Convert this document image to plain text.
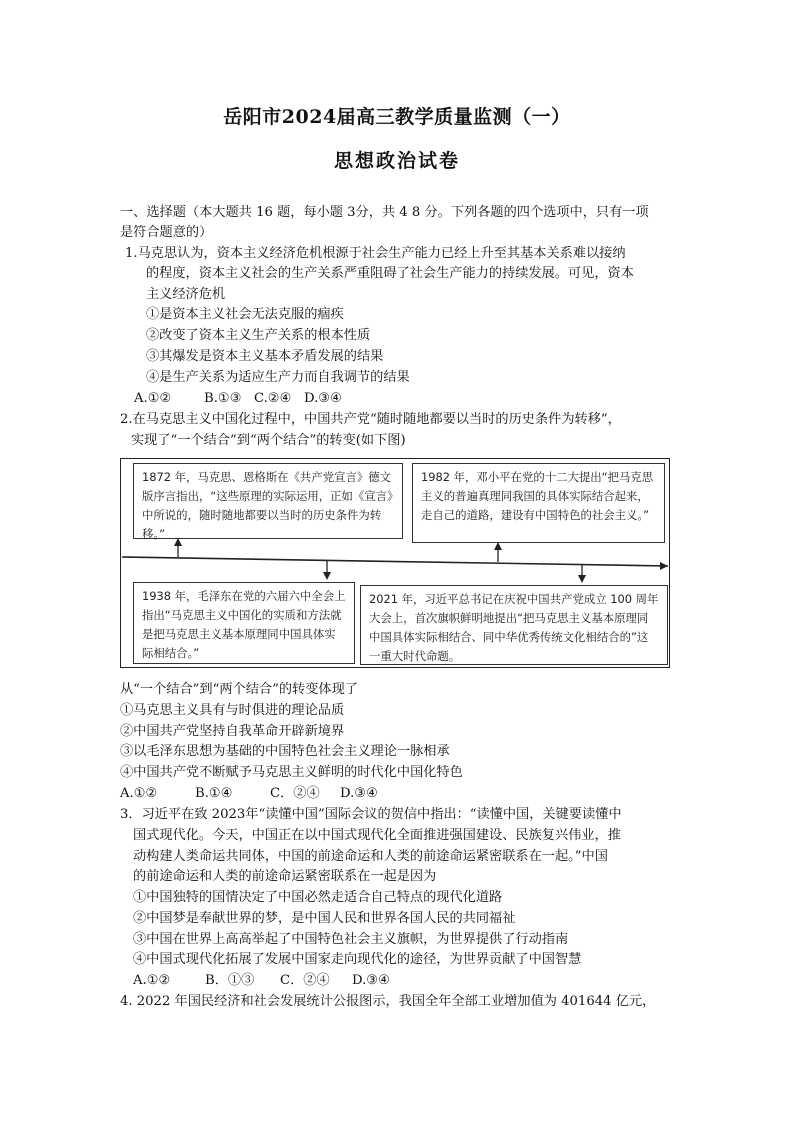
岳阳市2024届高三教学质量监测（一）
思想政治试卷
一、选择题（本大题共 16 题，每小题 3分，共 4 8 分。下列各题的四个选项中，只有一项
是符合题意的）
1.马克思认为，资本主义经济危机根源于社会生产能力已经上升至其基本关系难以接纳
的程度，资本主义社会的生产关系严重阻碍了社会生产能力的持续发展。可见，资本
主义经济危机
①是资本主义社会无法克服的痼疾
②改变了资本主义生产关系的根本性质
③其爆发是资本主义基本矛盾发展的结果
④是生产关系为适应生产力而自我调节的结果
A.①② B.①③ C.②④ D.③④
2.在马克思主义中国化过程中，中国共产党“随时随地都要以当时的历史条件为转移”，
实现了“一个结合”到“两个结合”的转变(如下图)
1872 年，马克思、恩格斯在《共产党宣言》德文版序言指出，“这些原理的实际运用，正如《宣言》中所说的，随时随地都要以当时的历史条件为转移。”
1982 年，邓小平在党的十二大提出“把马克思主义的普遍真理同我国的具体实际结合起来，走自己的道路，建设有中国特色的社会主义。”
1938 年，毛泽东在党的六届六中全会上指出“马克思主义中国化的实质和方法就是把马克思主义基本原理同中国具体实际相结合。”
2021 年，习近平总书记在庆祝中国共产党成立 100 周年大会上，首次旗帜鲜明地提出“把马克思主义基本原理同中国具体实际相结合、同中华优秀传统文化相结合的”这一重大时代命题。
从“一个结合”到“两个结合”的转变体现了
①马克思主义具有与时俱进的理论品质
②中国共产党坚持自我革命开辟新境界
③以毛泽东思想为基础的中国特色社会主义理论一脉相承
④中国共产党不断赋予马克思主义鲜明的时代化中国化特色
A.①②	B.①④	C．②④ D.③④
3．习近平在致 2023年“读懂中国”国际会议的贺信中指出：“读懂中国，关键要读懂中
国式现代化。今天，中国正在以中国式现代化全面推进强国建设、民族复兴伟业，推
动构建人类命运共同体，中国的前途命运和人类的前途命运紧密联系在一起。”中国
的前途命运和人类的前途命运紧密联系在一起是因为
①中国独特的国情决定了中国必然走适合自己特点的现代化道路
②中国梦是奉献世界的梦，是中国人民和世界各国人民的共同福祉
③中国在世界上高高举起了中国特色社会主义旗帜，为世界提供了行动指南
④中国式现代化拓展了发展中国家走向现代化的途径，为世界贡献了中国智慧
A.①②	B．①③ C．②④ D.③④
4. 2022 年国民经济和社会发展统计公报图示，我国全年全部工业增加值为 401644 亿元，
